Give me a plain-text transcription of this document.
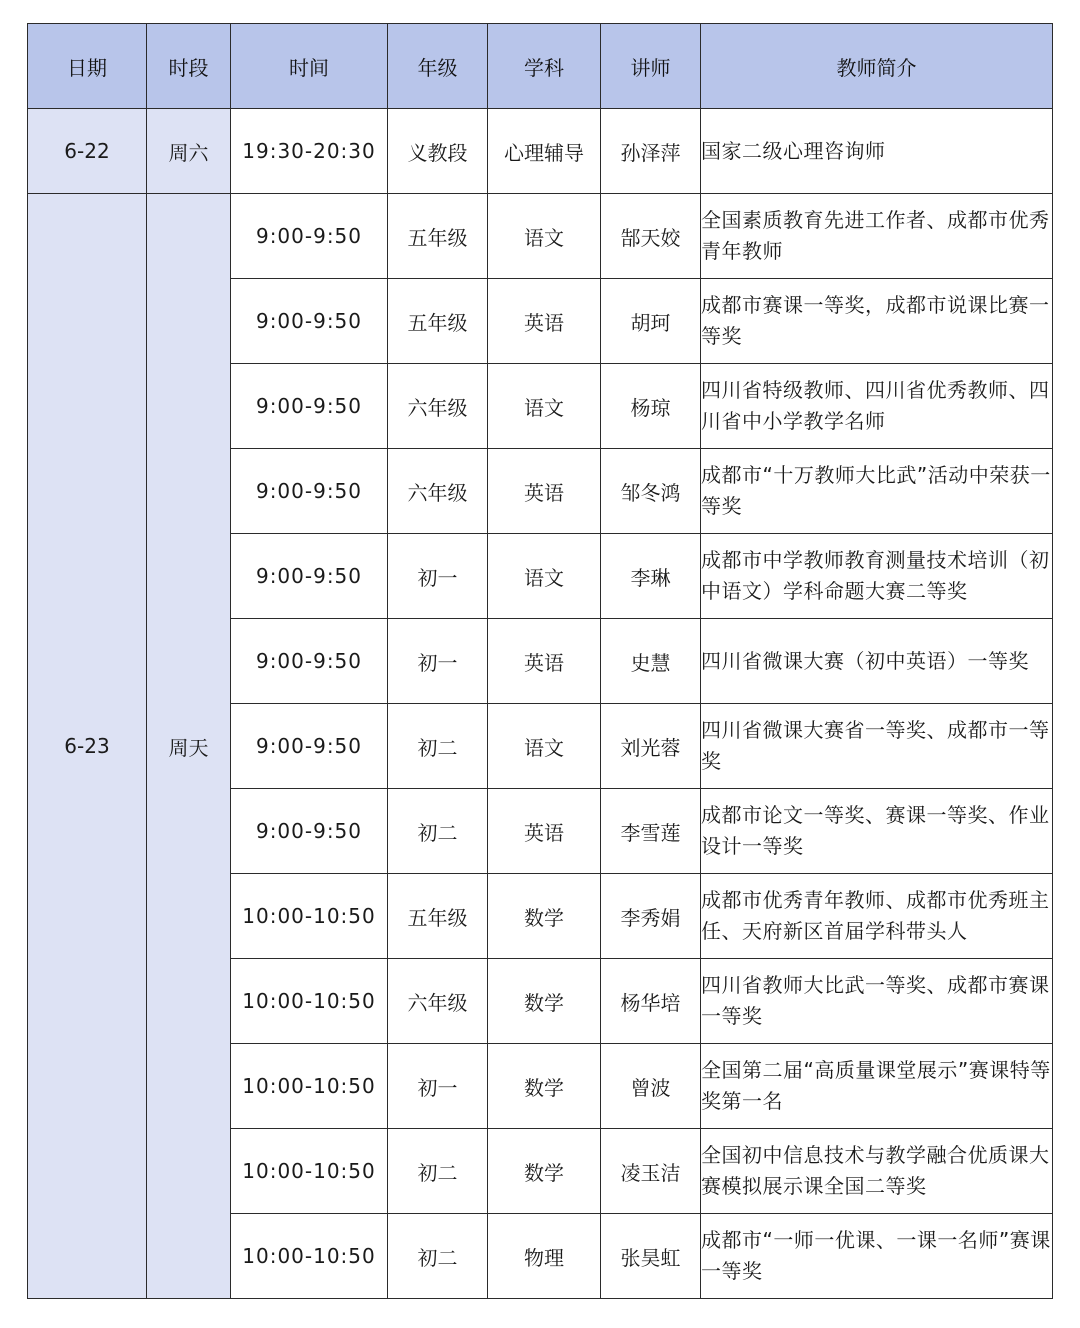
日期	时段	时间	年级	学科	讲师	教师简介
6-22	周六	19:30-20:30	义教段	心理辅导	孙泽萍	国家二级心理咨询师
6-23	周天	9:00-9:50	五年级	语文	郜天姣	全国素质教育先进工作者、成都市优秀青年教师
		9:00-9:50	五年级	英语	胡珂	成都市赛课一等奖，成都市说课比赛一等奖
		9:00-9:50	六年级	语文	杨琼	四川省特级教师、四川省优秀教师、四川省中小学教学名师
		9:00-9:50	六年级	英语	邹冬鸿	成都市“十万教师大比武”活动中荣获一等奖
		9:00-9:50	初一	语文	李琳	成都市中学教师教育测量技术培训（初中语文）学科命题大赛二等奖
		9:00-9:50	初一	英语	史慧	四川省微课大赛（初中英语）一等奖
		9:00-9:50	初二	语文	刘光蓉	四川省微课大赛省一等奖、成都市一等奖
		9:00-9:50	初二	英语	李雪莲	成都市论文一等奖、赛课一等奖、作业设计一等奖
		10:00-10:50	五年级	数学	李秀娟	成都市优秀青年教师、成都市优秀班主任、天府新区首届学科带头人
		10:00-10:50	六年级	数学	杨华培	四川省教师大比武一等奖、成都市赛课一等奖
		10:00-10:50	初一	数学	曾波	全国第二届“高质量课堂展示”赛课特等奖第一名
		10:00-10:50	初二	数学	凌玉洁	全国初中信息技术与教学融合优质课大赛模拟展示课全国二等奖
		10:00-10:50	初二	物理	张昊虹	成都市“一师一优课、一课一名师”赛课一等奖
